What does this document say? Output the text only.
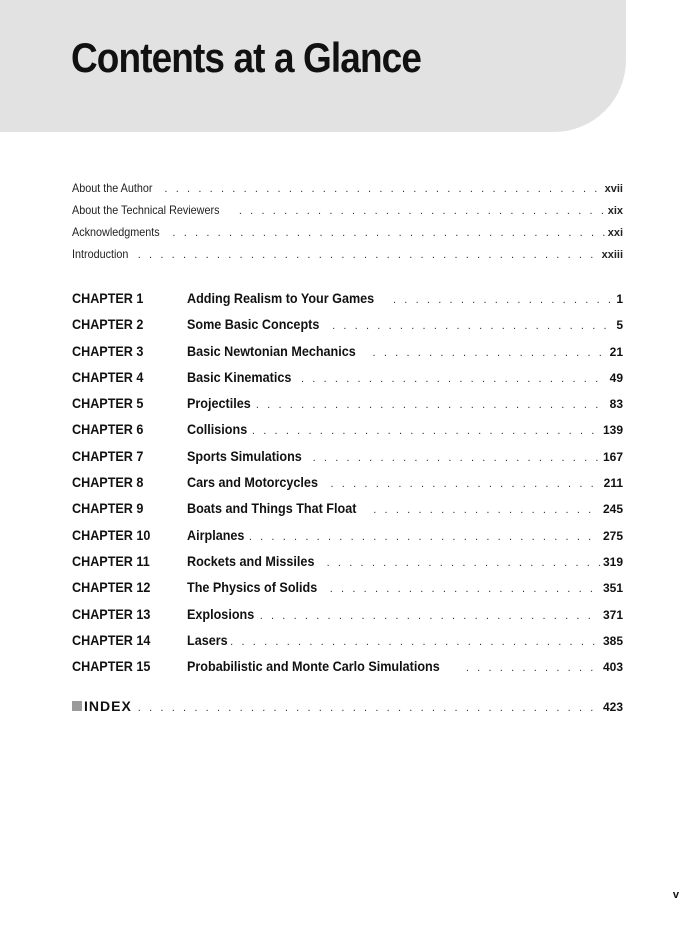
Contents at a Glance
About the Author . . .	xvii
About the Technical Reviewers . . .	xix
Acknowledgments . . .	xxi
Introduction . . .	xxiii
CHAPTER 1	Adding Realism to Your Games . . .	1
CHAPTER 2	Some Basic Concepts . . .	5
CHAPTER 3	Basic Newtonian Mechanics . . .	21
CHAPTER 4	Basic Kinematics . . .	49
CHAPTER 5	Projectiles . . .	83
CHAPTER 6	Collisions . . .	139
CHAPTER 7	Sports Simulations . . .	167
CHAPTER 8	Cars and Motorcycles . . .	211
CHAPTER 9	Boats and Things That Float . . .	245
CHAPTER 10	Airplanes . . .	275
CHAPTER 11	Rockets and Missiles . . .	319
CHAPTER 12	The Physics of Solids . . .	351
CHAPTER 13	Explosions . . .	371
CHAPTER 14	Lasers . . .	385
CHAPTER 15	Probabilistic and Monte Carlo Simulations . . .	403
INDEX . . .	423
v
